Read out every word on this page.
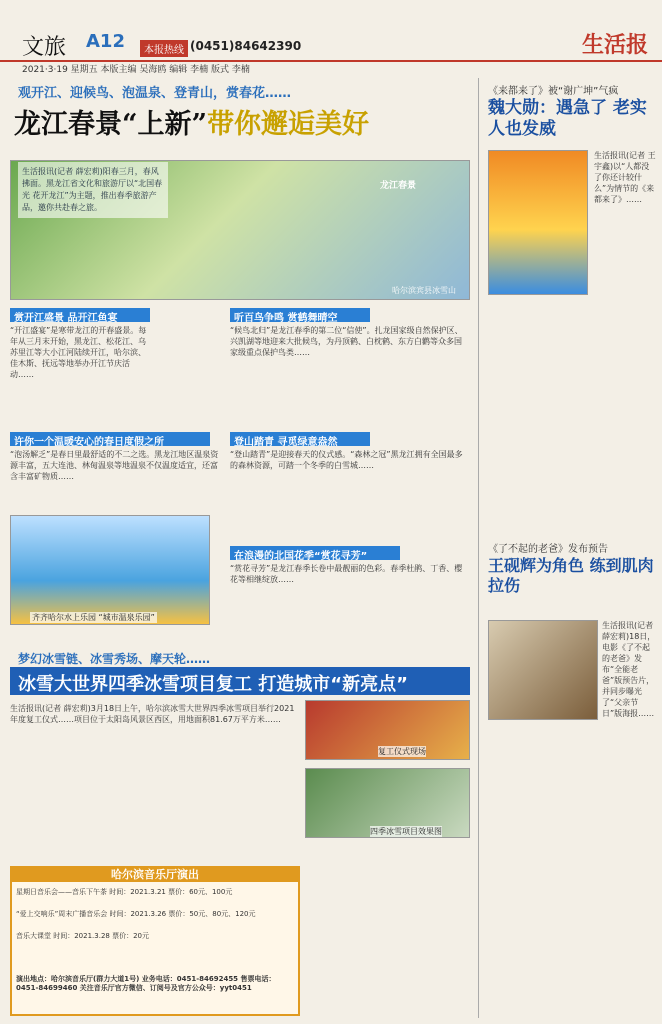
文旅 A12	本报热线 (0451)84642390	生活报
2021·3·19 星期五 本版主编 吴海鸥 编辑 李楠 版式 李楠
观开江、迎候鸟、泡温泉、登青山，赏春花……
龙江春景“上新”带你邂逅美好
生活报讯(记者 薛宏莉)阳春三月，春风拂面。黑龙江省文化和旅游厅以“北国春光 花开龙江”为主题，推出春季旅游产品，邀你共赴春之旅。
龙江春景
哈尔滨宾县冰雪山
赏开江盛景 品开江鱼宴
“开江盛宴”是寒带龙江的开春盛景。每年从三月末开始，黑龙江、松花江、乌苏里江等大小江河陆续开江，哈尔滨、佳木斯、抚远等地举办开江节庆活动……
听百鸟争鸣 赏鹤舞晴空
“候鸟北归”是龙江春季的第二位“信使”。扎龙国家级自然保护区、兴凯湖等地迎来大批候鸟，为丹顶鹤、白枕鹤、东方白鹳等众多国家级重点保护鸟类……
许你一个温暖安心的春日度假之所
“泡汤解乏”是春日里最舒适的不二之选。黑龙江地区温泉资源丰富，五大连池、林甸温泉等地温泉不仅温度适宜，还富含丰富矿物质……
登山踏青 寻觅绿意盎然
“登山踏青”是迎接春天的仪式感。“森林之冠”黑龙江拥有全国最多的森林资源，可踏一个冬季的白雪城……
在浪漫的北国花季“赏花寻芳”
“赏花寻芳”是龙江春季长卷中最靓丽的色彩。春季杜鹃、丁香、樱花等相继绽放……
齐齐哈尔水上乐园 “城市温泉乐园”
梦幻冰雪链、冰雪秀场、摩天轮……
冰雪大世界四季冰雪项目复工 打造城市“新亮点”
生活报讯(记者 薛宏莉)3月18日上午，哈尔滨冰雪大世界四季冰雪项目举行2021年度复工仪式……项目位于太阳岛风景区西区，用地面积81.67万平方米……
复工仪式现场
四季冰雪项目效果图
哈尔滨音乐厅演出
星期日音乐会——音乐下午茶 时间：2021.3.21 票价：60元、100元
“爱上交响乐”周末广播音乐会 时间：2021.3.26 票价：50元、80元、120元
音乐大课堂 时间：2021.3.28 票价：20元
演出地点：哈尔滨音乐厅(群力大道1号) 业务电话：0451-84692455 售票电话：0451-84699460 关注音乐厅官方微信、订阅号及官方公众号：yyt0451
《来都来了》被“谢广坤”气疯
魏大勋：遇急了 老实人也发威
生活报讯(记者 王宇鑫)以“人都没了你还计较什么”为情节的《来都来了》……
《了不起的老爸》发布预告
王砚辉为角色 练到肌肉拉伤
生活报讯(记者 薛宏莉)18日，电影《了不起的老爸》发布“全能老爸”版预告片，并同步曝光了“父亲节日”版海报……
